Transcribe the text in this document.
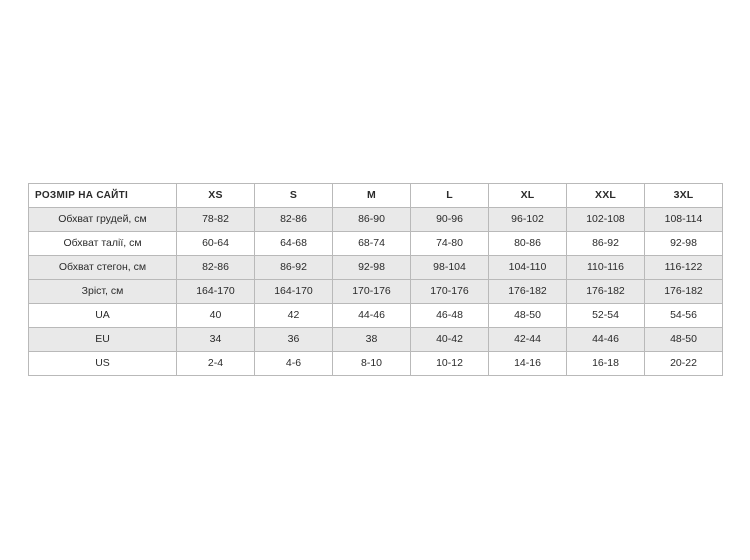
РОЗМІР НА САЙТІ	XS	S	M	L	XL	XXL	3XL
Обхват грудей, см	78-82	82-86	86-90	90-96	96-102	102-108	108-114
Обхват талії, см	60-64	64-68	68-74	74-80	80-86	86-92	92-98
Обхват стегон, см	82-86	86-92	92-98	98-104	104-110	110-116	116-122
Зріст, см	164-170	164-170	170-176	170-176	176-182	176-182	176-182
UA	40	42	44-46	46-48	48-50	52-54	54-56
EU	34	36	38	40-42	42-44	44-46	48-50
US	2-4	4-6	8-10	10-12	14-16	16-18	20-22
